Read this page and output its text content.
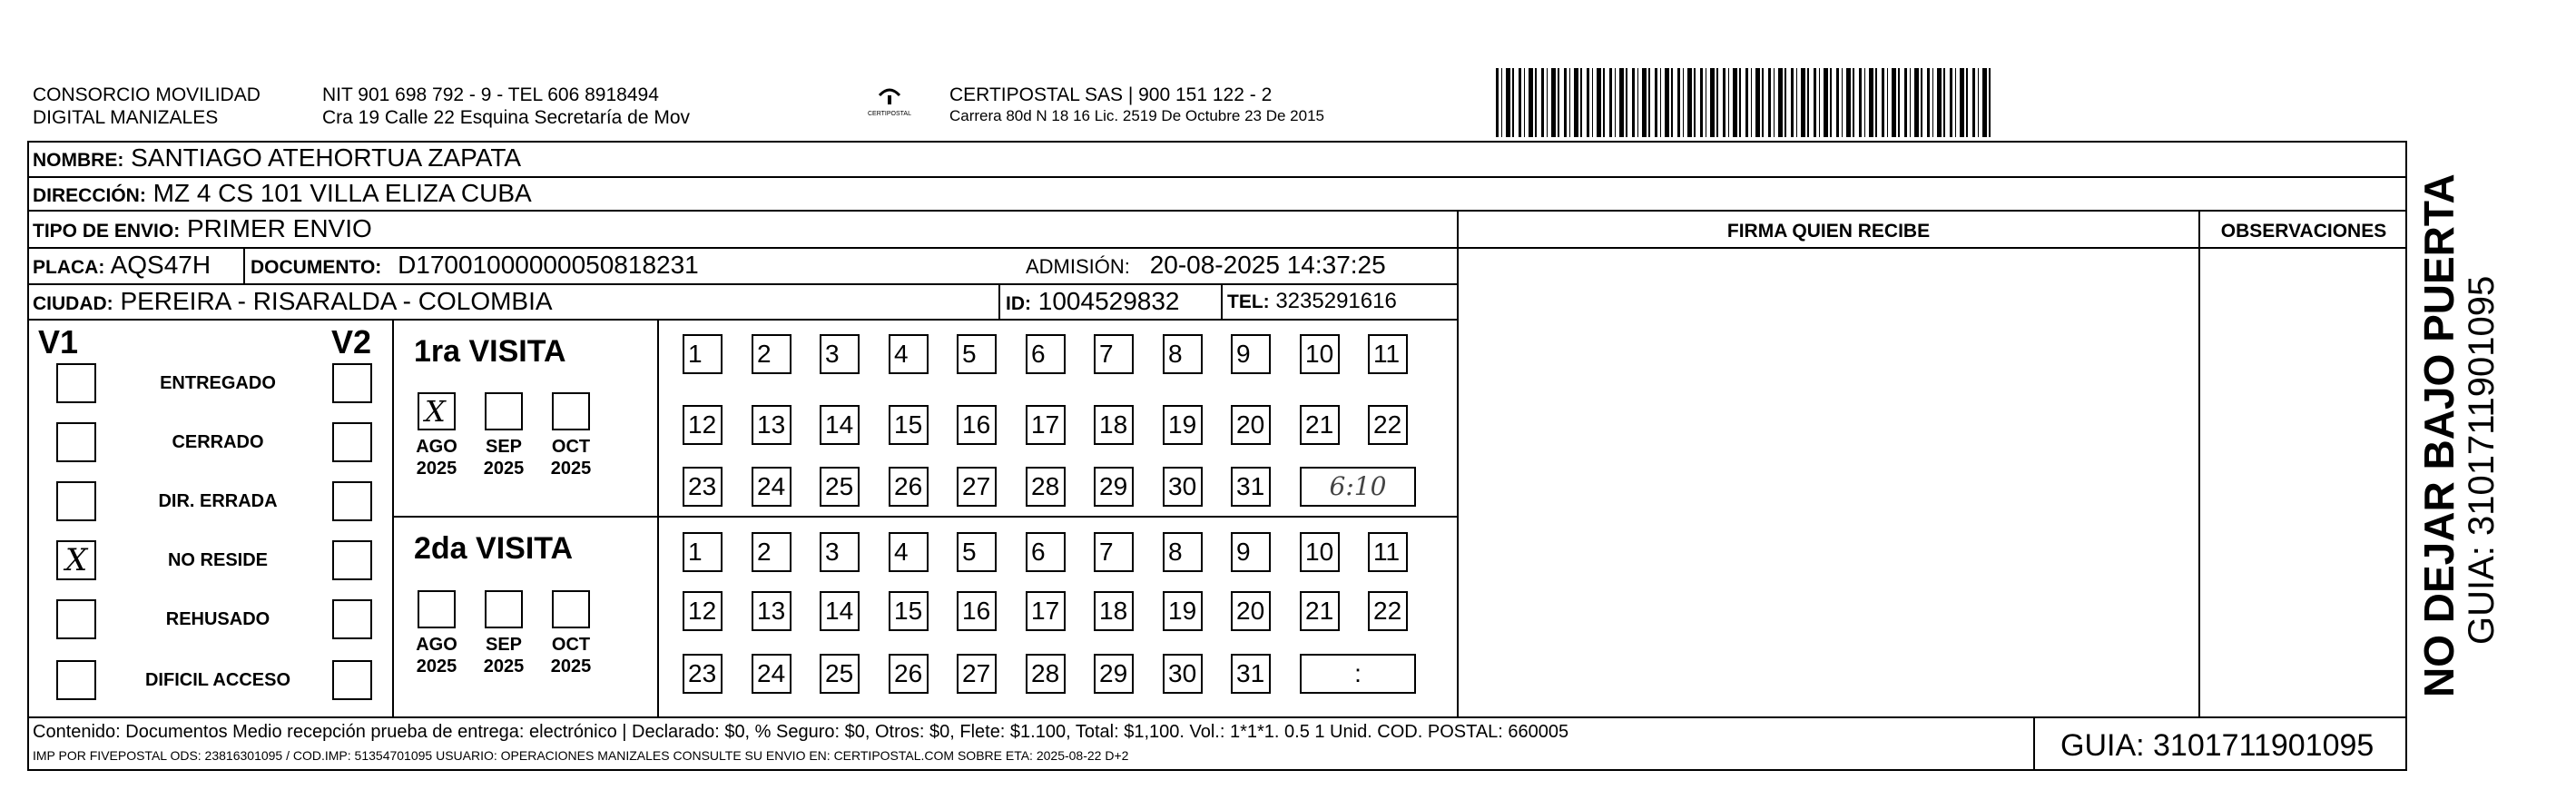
CONSORCIO MOVILIDAD
DIGITAL MANIZALES
NIT 901 698 792 - 9 - TEL 606 8918494
Cra 19 Calle 22 Esquina Secretaría de Mov	CERTIPOSTAL
CERTIPOSTAL SAS | 900 151 122 - 2
Carrera 80d N 18 16 Lic. 2519 De Octubre 23 De 2015
NOMBRE: SANTIAGO ATEHORTUA ZAPATA
DIRECCIÓN: MZ 4 CS 101 VILLA ELIZA CUBA
TIPO DE ENVIO: PRIMER ENVIO	FIRMA QUIEN RECIBE	OBSERVACIONES
PLACA: AQS47H DOCUMENTO: D17001000000050818231	ADMISIÓN: 20-08-2025 14:37:25
CIUDAD: PEREIRA - RISARALDA - COLOMBIA	ID: 1004529832 TEL: 3235291616
V1	V2
ENTREGADO
CERRADO
DIR. ERRADA
X	NO RESIDE
REHUSADO
DIFICIL ACCESO
1ra VISITA
2da VISITA
X
AGO
2025
SEP
2025
OCT
2025
AGO
2025
SEP
2025
OCT
2025
1	2	3	4	5	6	7	8	9	10 11
12 13 14 15 16 17 18 19 20 21 22
23 24 25 26 27 28 29 30 31	6:10
1	2	3	4	5	6	7	8	9	10 11
12 13 14 15 16 17 18 19 20 21 22
23 24 25 26 27 28 29 30 31	:
Contenido: Documentos Medio recepción prueba de entrega: electrónico | Declarado: $0, % Seguro: $0, Otros: $0, Flete: $1.100, Total: $1,100. Vol.: 1*1*1. 0.5 1 Unid. COD. POSTAL: 660005
IMP POR FIVEPOSTAL ODS: 23816301095 / COD.IMP: 51354701095 USUARIO: OPERACIONES MANIZALES CONSULTE SU ENVIO EN: CERTIPOSTAL.COM SOBRE ETA: 2025-08-22 D+2	GUIA: 3101711901095
NO DEJAR BAJO PUERTA GUIA: 3101711901095
